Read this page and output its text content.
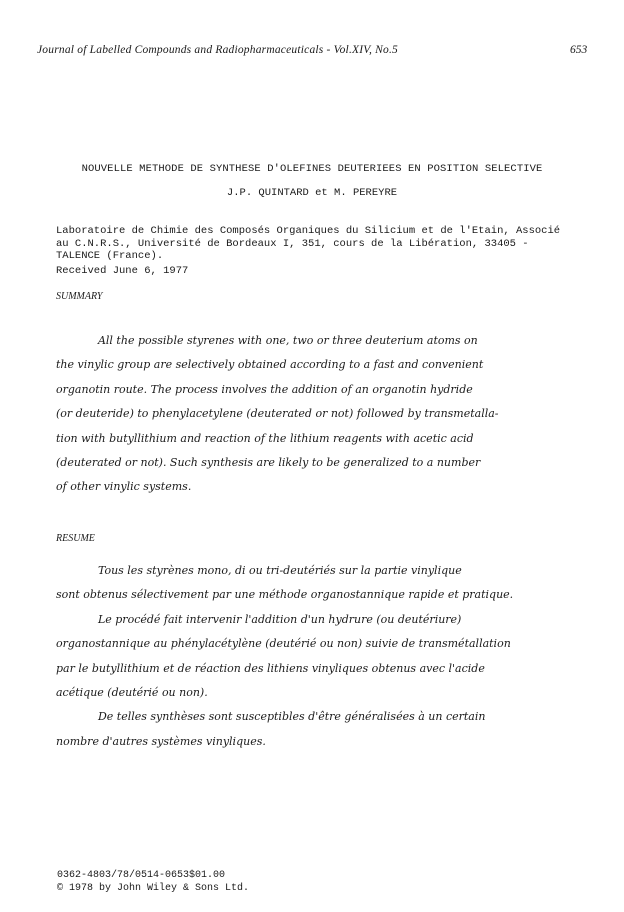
Journal of Labelled Compounds and Radiopharmaceuticals - Vol.XIV, No.5	653
NOUVELLE METHODE DE SYNTHESE D'OLEFINES DEUTERIEES EN POSITION SELECTIVE
J.P. QUINTARD et M. PEREYRE
Laboratoire de Chimie des Composés Organiques du Silicium et de l'Etain, Associé
au C.N.R.S., Université de Bordeaux I, 351, cours de la Libération, 33405 -
TALENCE (France).
Received June 6, 1977
SUMMARY
All the possible styrenes with one, two or three deuterium atoms on
the vinylic group are selectively obtained according to a fast and convenient
organotin route. The process involves the addition of an organotin hydride
(or deuteride) to phenylacetylene (deuterated or not) followed by transmetalla-
tion with butyllithium and reaction of the lithium reagents with acetic acid
(deuterated or not). Such synthesis are likely to be generalized to a number
of other vinylic systems.
RESUME
Tous les styrènes mono, di ou tri-deutériés sur la partie vinylique
sont obtenus sélectivement par une méthode organostannique rapide et pratique.
Le procédé fait intervenir l'addition d'un hydrure (ou deutériure)
organostannique au phénylacétylène (deutérié ou non) suivie de transmétallation
par le butyllithium et de réaction des lithiens vinyliques obtenus avec l'acide
acétique (deutérié ou non).
De telles synthèses sont susceptibles d'être généralisées à un certain
nombre d'autres systèmes vinyliques.
0362-4803/78/0514-0653$01.00
© 1978 by John Wiley & Sons Ltd.
